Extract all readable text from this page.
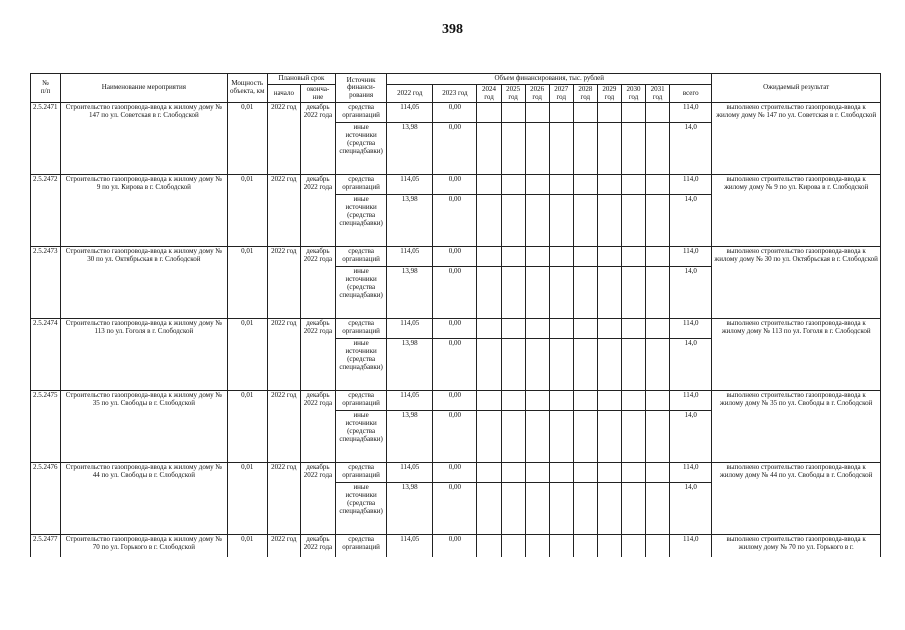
398
№
п/п	Наименование мероприятия	Мощность объекта, км	Плановый срок		Источник финанси-рования	Объем финансирования, тыс. рублей											Ожидаемый результат
			начало	оконча-ние		2022 год	2023 год	2024 год	2025 год	2026 год	2027 год	2028 год	2029 год	2030 год	2031 год	всего	
2.5.2471	Строительство газопровода-ввода к жилому дому № 147 по ул. Советская в г. Слободской	0,01	2022 год	декабрь 2022 года	средства организаций	114,05	0,00									114,0	выполнено строительство газопровода-ввода к жилому дому № 147 по ул. Советская в г. Слободской
					иные источники (средства спецнадбавки)	13,98	0,00									14,0	
2.5.2472	Строительство газопровода-ввода к жилому дому № 9 по ул. Кирова в г. Слободской	0,01	2022 год	декабрь 2022 года	средства организаций	114,05	0,00									114,0	выполнено строительство газопровода-ввода к жилому дому № 9 по ул. Кирова в г. Слободской
					иные источники (средства спецнадбавки)	13,98	0,00									14,0	
2.5.2473	Строительство газопровода-ввода к жилому дому № 30 по ул. Октябрьская в г. Слободской	0,01	2022 год	декабрь 2022 года	средства организаций	114,05	0,00									114,0	выполнено строительство газопровода-ввода к жилому дому № 30 по ул. Октябрьская в г. Слободской
					иные источники (средства спецнадбавки)	13,98	0,00									14,0	
2.5.2474	Строительство газопровода-ввода к жилому дому № 113 по ул. Гоголя в г. Слободской	0,01	2022 год	декабрь 2022 года	средства организаций	114,05	0,00									114,0	выполнено строительство газопровода-ввода к жилому дому № 113 по ул. Гоголя в г. Слободской
					иные источники (средства спецнадбавки)	13,98	0,00									14,0	
2.5.2475	Строительство газопровода-ввода к жилому дому № 35 по ул. Свободы в г. Слободской	0,01	2022 год	декабрь 2022 года	средства организаций	114,05	0,00									114,0	выполнено строительство газопровода-ввода к жилому дому № 35 по ул. Свободы в г. Слободской
					иные источники (средства спецнадбавки)	13,98	0,00									14,0	
2.5.2476	Строительство газопровода-ввода к жилому дому № 44 по ул. Свободы в г. Слободской	0,01	2022 год	декабрь 2022 года	средства организаций	114,05	0,00									114,0	выполнено строительство газопровода-ввода к жилому дому № 44 по ул. Свободы в г. Слободской
					иные источники (средства спецнадбавки)	13,98	0,00									14,0	
2.5.2477	Строительство газопровода-ввода к жилому дому № 70 по ул. Горького в г. Слободской	0,01	2022 год	декабрь 2022 года	средства организаций	114,05	0,00									114,0	выполнено строительство газопровода-ввода к жилому дому № 70 по ул. Горького в г.
